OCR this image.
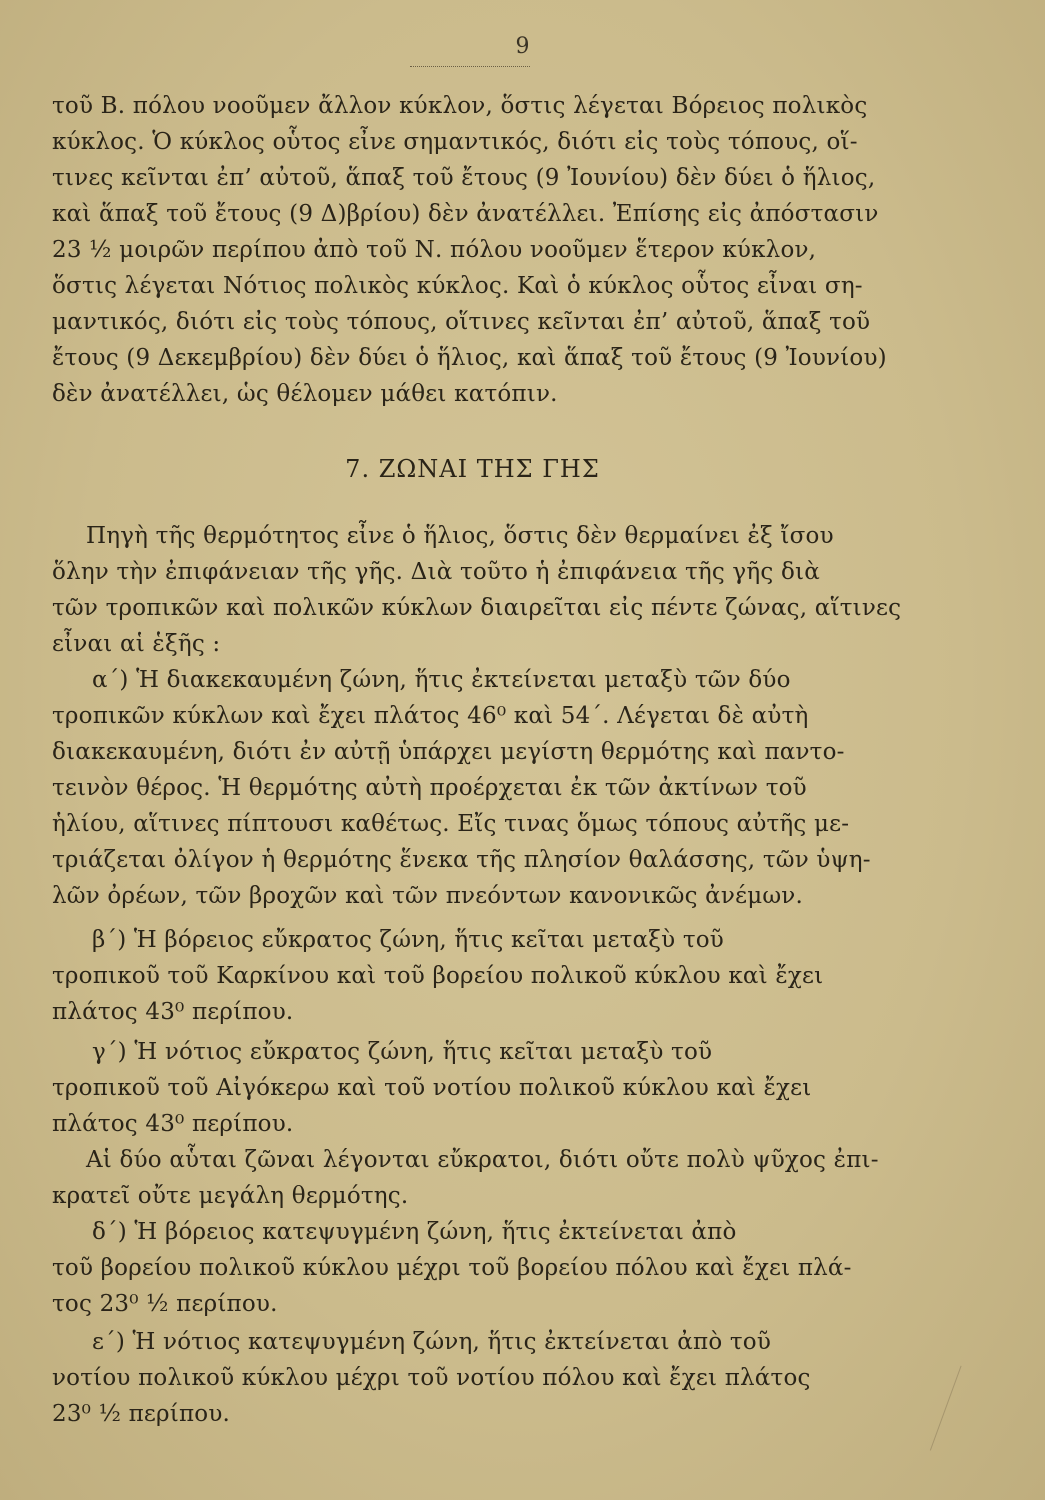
9
τοῦ Β. πόλου νοοῦμεν ἄλλον κύκλον, ὅστις λέγεται Βόρειος πολικὸς
κύκλος. Ὁ κύκλος οὗτος εἶνε σημαντικός, διότι εἰς τοὺς τόπους, οἵ-
τινες κεῖνται ἐπ’ αὐτοῦ, ἅπαξ τοῦ ἔτους (9 Ἰουνίου) δὲν δύει ὁ ἥλιος,
καὶ ἅπαξ τοῦ ἔτους (9 Δ)βρίου) δὲν ἀνατέλλει. Ἐπίσης εἰς ἀπόστασιν
23 ½ μοιρῶν περίπου ἀπὸ τοῦ Ν. πόλου νοοῦμεν ἕτερον κύκλον,
ὅστις λέγεται Νότιος πολικὸς κύκλος. Καὶ ὁ κύκλος οὗτος εἶναι ση-
μαντικός, διότι εἰς τοὺς τόπους, οἵτινες κεῖνται ἐπ’ αὐτοῦ, ἅπαξ τοῦ
ἔτους (9 Δεκεμβρίου) δὲν δύει ὁ ἥλιος, καὶ ἅπαξ τοῦ ἔτους (9 Ἰουνίου)
δὲν ἀνατέλλει, ὡς θέλομεν μάθει κατόπιν.
7. ΖΩΝΑΙ ΤΗΣ ΓΗΣ
Πηγὴ τῆς θερμότητος εἶνε ὁ ἥλιος, ὅστις δὲν θερμαίνει ἐξ ἴσου
ὅλην τὴν ἐπιφάνειαν τῆς γῆς. Διὰ τοῦτο ἡ ἐπιφάνεια τῆς γῆς διὰ
τῶν τροπικῶν καὶ πολικῶν κύκλων διαιρεῖται εἰς πέντε ζώνας, αἵτινες
εἶναι αἱ ἑξῆς :
α΄) Ἡ διακεκαυμένη ζώνη, ἥτις ἐκτείνεται μεταξὺ τῶν δύο
τροπικῶν κύκλων καὶ ἔχει πλάτος 46⁰ καὶ 54΄. Λέγεται δὲ αὐτὴ
διακεκαυμένη, διότι ἐν αὐτῇ ὑπάρχει μεγίστη θερμότης καὶ παντο-
τεινὸν θέρος. Ἡ θερμότης αὐτὴ προέρχεται ἐκ τῶν ἀκτίνων τοῦ
ἡλίου, αἵτινες πίπτουσι καθέτως. Εἴς τινας ὅμως τόπους αὐτῆς με-
τριάζεται ὀλίγον ἡ θερμότης ἕνεκα τῆς πλησίον θαλάσσης, τῶν ὑψη-
λῶν ὀρέων, τῶν βροχῶν καὶ τῶν πνεόντων κανονικῶς ἀνέμων.
β΄) Ἡ βόρειος εὔκρατος ζώνη, ἥτις κεῖται μεταξὺ τοῦ
τροπικοῦ τοῦ Καρκίνου καὶ τοῦ βορείου πολικοῦ κύκλου καὶ ἔχει
πλάτος 43⁰ περίπου.
γ΄) Ἡ νότιος εὔκρατος ζώνη, ἥτις κεῖται μεταξὺ τοῦ
τροπικοῦ τοῦ Αἰγόκερω καὶ τοῦ νοτίου πολικοῦ κύκλου καὶ ἔχει
πλάτος 43⁰ περίπου.
Αἱ δύο αὗται ζῶναι λέγονται εὔκρατοι, διότι οὔτε πολὺ ψῦχος ἐπι-
κρατεῖ οὔτε μεγάλη θερμότης.
δ΄) Ἡ βόρειος κατεψυγμένη ζώνη, ἥτις ἐκτείνεται ἀπὸ
τοῦ βορείου πολικοῦ κύκλου μέχρι τοῦ βορείου πόλου καὶ ἔχει πλά-
τος 23⁰ ½ περίπου.
ε΄) Ἡ νότιος κατεψυγμένη ζώνη, ἥτις ἐκτείνεται ἀπὸ τοῦ
νοτίου πολικοῦ κύκλου μέχρι τοῦ νοτίου πόλου καὶ ἔχει πλάτος
23⁰ ½ περίπου.
